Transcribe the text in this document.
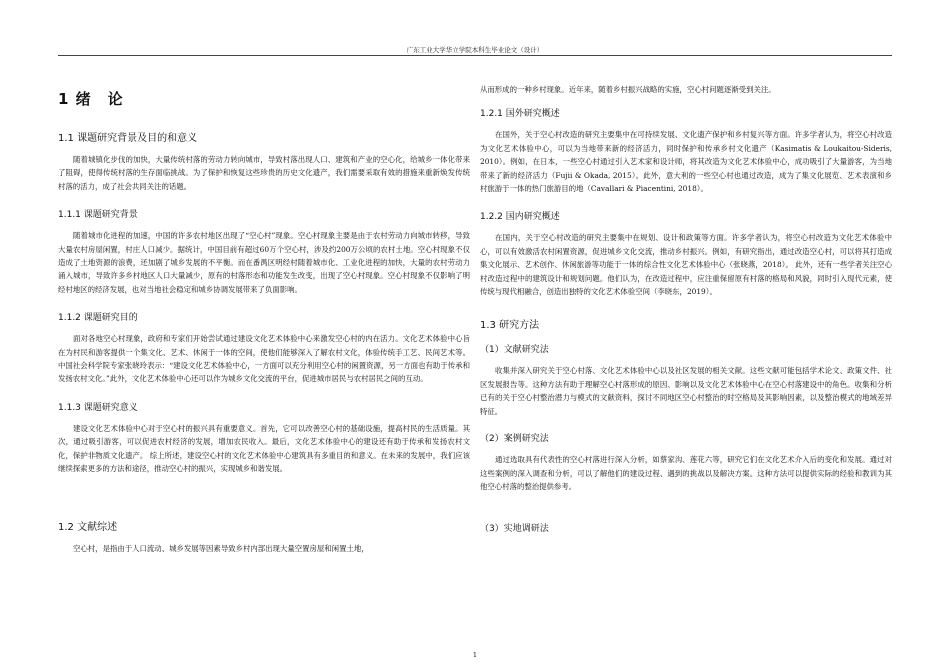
广东工业大学华立学院本科生毕业论文（设计）
1 绪　论
1.1 课题研究背景及目的和意义

随着城镇化步伐的加快，大量传统村落的劳动力转向城市，导致村落出现人口、建筑和产业的空心化，给城乡一体化带来了阻碍，使得传统村落的生存面临挑战。为了保护和恢复这些珍贵的历史文化遗产，我们需要采取有效的措施来重新焕发传统村落的活力，成了社会共同关注的话题。

1.1.1 课题研究背景

随着城市化进程的加速，中国的许多农村地区出现了“空心村”现象。空心村现象主要是由于农村劳动力向城市转移，导致大量农村房屋闲置，村庄人口减少。据统计，中国目前有超过60万个空心村，涉及约200万公顷的农村土地。空心村现象不仅造成了土地资源的浪费，还加剧了城乡发展的不平衡。而在番禺区明经村随着城市化、工业化进程的加快，大量的农村劳动力涌入城市，导致许多乡村地区人口大量减少，原有的村落形态和功能发生改变，出现了空心村现象。空心村现象不仅影响了明经村地区的经济发展，也对当地社会稳定和城乡协调发展带来了负面影响。

1.1.2 课题研究目的

面对各地空心村现象，政府和专家们开始尝试通过建设文化艺术体验中心来激发空心村的内在活力。文化艺术体验中心旨在为村民和游客提供一个集文化、艺术、休闲于一体的空间，使他们能够深入了解农村文化，体验传统手工艺、民间艺术等。 中国社会科学院专家张晓玲表示：“建设文化艺术体验中心，一方面可以充分利用空心村的闲置资源，另一方面也有助于传承和发扬农村文化。”此外，文化艺术体验中心还可以作为城乡文化交流的平台，促进城市居民与农村居民之间的互动。

1.1.3 课题研究意义

建设文化艺术体验中心对于空心村的振兴具有重要意义。首先，它可以改善空心村的基础设施，提高村民的生活质量。其次，通过吸引游客，可以促进农村经济的发展，增加农民收入。最后，文化艺术体验中心的建设还有助于传承和发扬农村文化，保护非物质文化遗产。 综上所述，建设空心村的文化艺术体验中心建筑具有多重目的和意义。在未来的发展中，我们应该继续探索更多的方法和途径，推动空心村的振兴，实现城乡和谐发展。

1.2 文献综述

空心村，是指由于人口流动、城乡发展等因素导致乡村内部出现大量空置房屋和闲置土地，

从而形成的一种乡村现象。近年来，随着乡村振兴战略的实施，空心村问题逐渐受到关注。

1.2.1 国外研究概述

在国外，关于空心村改造的研究主要集中在可持续发展、文化遗产保护和乡村复兴等方面。许多学者认为，将空心村改造为文化艺术体验中心，可以为当地带来新的经济活力，同时保护和传承乡村文化遗产（Kasimatis & Loukaitou-Sideris, 2010）。例如，在日本，一些空心村通过引入艺术家和设计师，将其改造为文化艺术体验中心，成功吸引了大量游客，为当地带来了新的经济活力（Fujii & Okada, 2015）。此外，意大利的一些空心村也通过改造，成为了集文化展览、艺术表演和乡村旅游于一体的热门旅游目的地（Cavallari & Piacentini, 2018）。

1.2.2 国内研究概述

在国内，关于空心村改造的研究主要集中在规划、设计和政策等方面。许多学者认为，将空心村改造为文化艺术体验中心，可以有效激活农村闲置资源，促进城乡文化交流，推动乡村振兴。例如，有研究指出，通过改造空心村，可以将其打造成集文化展示、艺术创作、休闲旅游等功能于一体的综合性文化艺术体验中心（张晓燕，2018）。 此外，还有一些学者关注空心村改造过程中的建筑设计和规划问题。他们认为，在改造过程中，应注重保留原有村落的格局和风貌，同时引入现代元素，使传统与现代相融合，创造出独特的文化艺术体验空间（李晓东，2019）。

1.3 研究方法
（1）文献研究法

收集并深入研究关于空心村落、文化艺术体验中心以及社区发展的相关文献。这些文献可能包括学术论文、政策文件、社区发展报告等。这种方法有助于理解空心村落形成的原因、影响以及文化艺术体验中心在空心村落建设中的角色。收集和分析已有的关于空心村整治潜力与模式的文献资料，探讨不同地区空心村整治的时空格局及其影响因素，以及整治模式的地域差异特征。

（2）案例研究法

通过选取具有代表性的空心村落进行深入分析，如蔡家沟、莲花六等，研究它们在文化艺术介入后的变化和发展。通过对这些案例的深入调查和分析，可以了解他们的建设过程、遇到的挑战以及解决方案。这种方法可以提供实际的经验和教训为其他空心村落的整治提供参考。

（3）实地调研法
1
